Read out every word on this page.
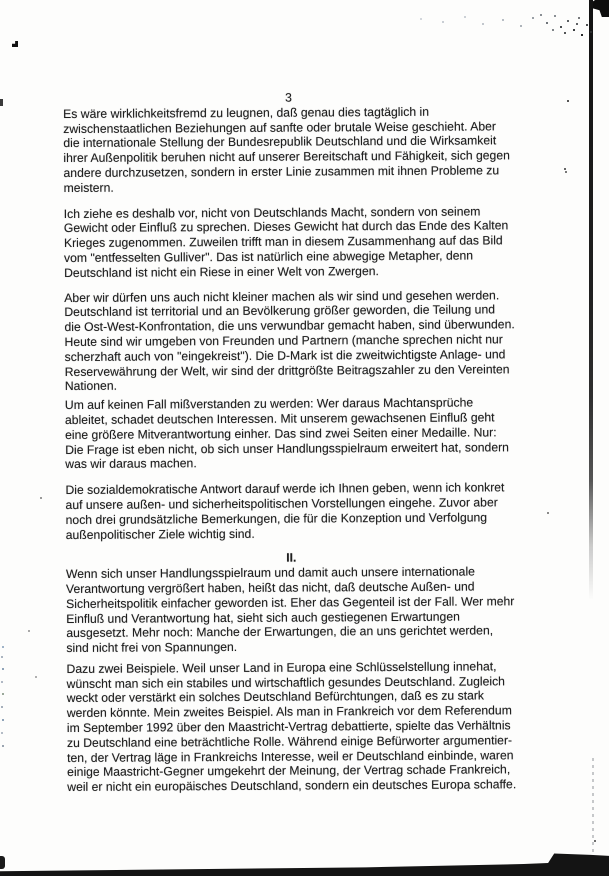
3
Es wäre wirklichkeitsfremd zu leugnen, daß genau dies tagtäglich in
zwischenstaatlichen Beziehungen auf sanfte oder brutale Weise geschieht. Aber
die internationale Stellung der Bundesrepublik Deutschland und die Wirksamkeit
ihrer Außenpolitik beruhen nicht auf unserer Bereitschaft und Fähigkeit, sich gegen
andere durchzusetzen, sondern in erster Linie zusammen mit ihnen Probleme zu
meistern.
Ich ziehe es deshalb vor, nicht von Deutschlands Macht, sondern von seinem
Gewicht oder Einfluß zu sprechen. Dieses Gewicht hat durch das Ende des Kalten
Krieges zugenommen. Zuweilen trifft man in diesem Zusammenhang auf das Bild
vom "entfesselten Gulliver". Das ist natürlich eine abwegige Metapher, denn
Deutschland ist nicht ein Riese in einer Welt von Zwergen.
Aber wir dürfen uns auch nicht kleiner machen als wir sind und gesehen werden.
Deutschland ist territorial und an Bevölkerung größer geworden, die Teilung und
die Ost-West-Konfrontation, die uns verwundbar gemacht haben, sind überwunden.
Heute sind wir umgeben von Freunden und Partnern (manche sprechen nicht nur
scherzhaft auch von "eingekreist"). Die D-Mark ist die zweitwichtigste Anlage- und
Reservewährung der Welt, wir sind der drittgrößte Beitragszahler zu den Vereinten
Nationen.
Um auf keinen Fall mißverstanden zu werden: Wer daraus Machtansprüche
ableitet, schadet deutschen Interessen. Mit unserem gewachsenen Einfluß geht
eine größere Mitverantwortung einher. Das sind zwei Seiten einer Medaille. Nur:
Die Frage ist eben nicht, ob sich unser Handlungsspielraum erweitert hat, sondern
was wir daraus machen.
Die sozialdemokratische Antwort darauf werde ich Ihnen geben, wenn ich konkret
auf unsere außen- und sicherheitspolitischen Vorstellungen eingehe. Zuvor aber
noch drei grundsätzliche Bemerkungen, die für die Konzeption und Verfolgung
außenpolitischer Ziele wichtig sind.
II.
Wenn sich unser Handlungsspielraum und damit auch unsere internationale
Verantwortung vergrößert haben, heißt das nicht, daß deutsche Außen- und
Sicherheitspolitik einfacher geworden ist. Eher das Gegenteil ist der Fall. Wer mehr
Einfluß und Verantwortung hat, sieht sich auch gestiegenen Erwartungen
ausgesetzt. Mehr noch: Manche der Erwartungen, die an uns gerichtet werden,
sind nicht frei von Spannungen.
Dazu zwei Beispiele. Weil unser Land in Europa eine Schlüsselstellung innehat,
wünscht man sich ein stabiles und wirtschaftlich gesundes Deutschland. Zugleich
weckt oder verstärkt ein solches Deutschland Befürchtungen, daß es zu stark
werden könnte. Mein zweites Beispiel. Als man in Frankreich vor dem Referendum
im September 1992 über den Maastricht-Vertrag debattierte, spielte das Verhältnis
zu Deutschland eine beträchtliche Rolle. Während einige Befürworter argumentier-
ten, der Vertrag läge in Frankreichs Interesse, weil er Deutschland einbinde, waren
einige Maastricht-Gegner umgekehrt der Meinung, der Vertrag schade Frankreich,
weil er nicht ein europäisches Deutschland, sondern ein deutsches Europa schaffe.
